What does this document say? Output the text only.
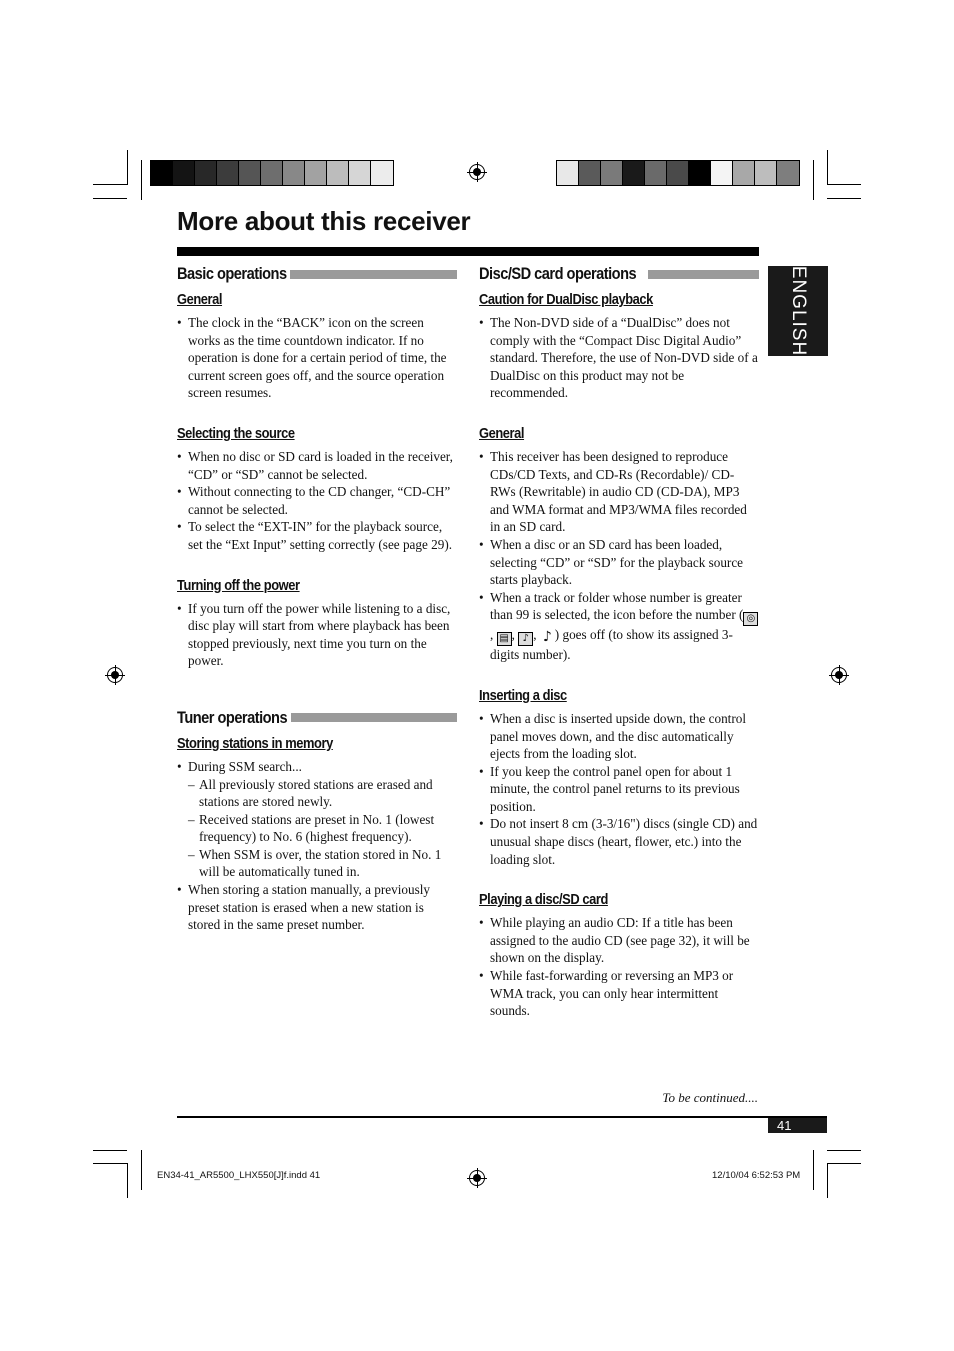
More about this receiver
ENGLISH
Basic operations
General
• The clock in the “BACK” icon on the screen works as the time countdown indicator. If no operation is done for a certain period of time, the current screen goes off, and the source operation screen resumes.
Selecting the source
• When no disc or SD card is loaded in the receiver, “CD” or “SD” cannot be selected.
• Without connecting to the CD changer, “CD-CH” cannot be selected.
• To select the “EXT-IN” for the playback source, set the “Ext Input” setting correctly (see page 29).
Turning off the power
• If you turn off the power while listening to a disc, disc play will start from where playback has been stopped previously, next time you turn on the power.
Tuner operations
Storing stations in memory
• During SSM search...
– All previously stored stations are erased and stations are stored newly.
– Received stations are preset in No. 1 (lowest frequency) to No. 6 (highest frequency).
– When SSM is over, the station stored in No. 1 will be automatically tuned in.
• When storing a station manually, a previously preset station is erased when a new station is stored in the same preset number.
Disc/SD card operations
Caution for DualDisc playback
• The Non-DVD side of a “DualDisc” does not comply with the “Compact Disc Digital Audio” standard. Therefore, the use of Non-DVD side of a DualDisc on this product may not be recommended.
General
• This receiver has been designed to reproduce CDs/CD Texts, and CD-Rs (Recordable)/ CD-RWs (Rewritable) in audio CD (CD-DA), MP3 and WMA format and MP3/WMA files recorded in an SD card.
• When a disc or an SD card has been loaded, selecting “CD” or “SD” for the playback source starts playback.
• When a track or folder whose number is greater than 99 is selected, the icon before the number ( ◎, ▤ , ♪ , ♪ ) goes off (to show its assigned 3-digits number).
Inserting a disc
• When a disc is inserted upside down, the control panel moves down, and the disc automatically ejects from the loading slot.
• If you keep the control panel open for about 1 minute, the control panel returns to its previous position.
• Do not insert 8 cm (3-3/16") discs (single CD) and unusual shape discs (heart, flower, etc.) into the loading slot.
Playing a disc/SD card
• While playing an audio CD: If a title has been assigned to the audio CD (see page 32), it will be shown on the display.
• While fast-forwarding or reversing an MP3 or WMA track, you can only hear intermittent sounds.
To be continued....
41
EN34-41_AR5500_LHX550[J]f.indd 41	12/10/04 6:52:53 PM
